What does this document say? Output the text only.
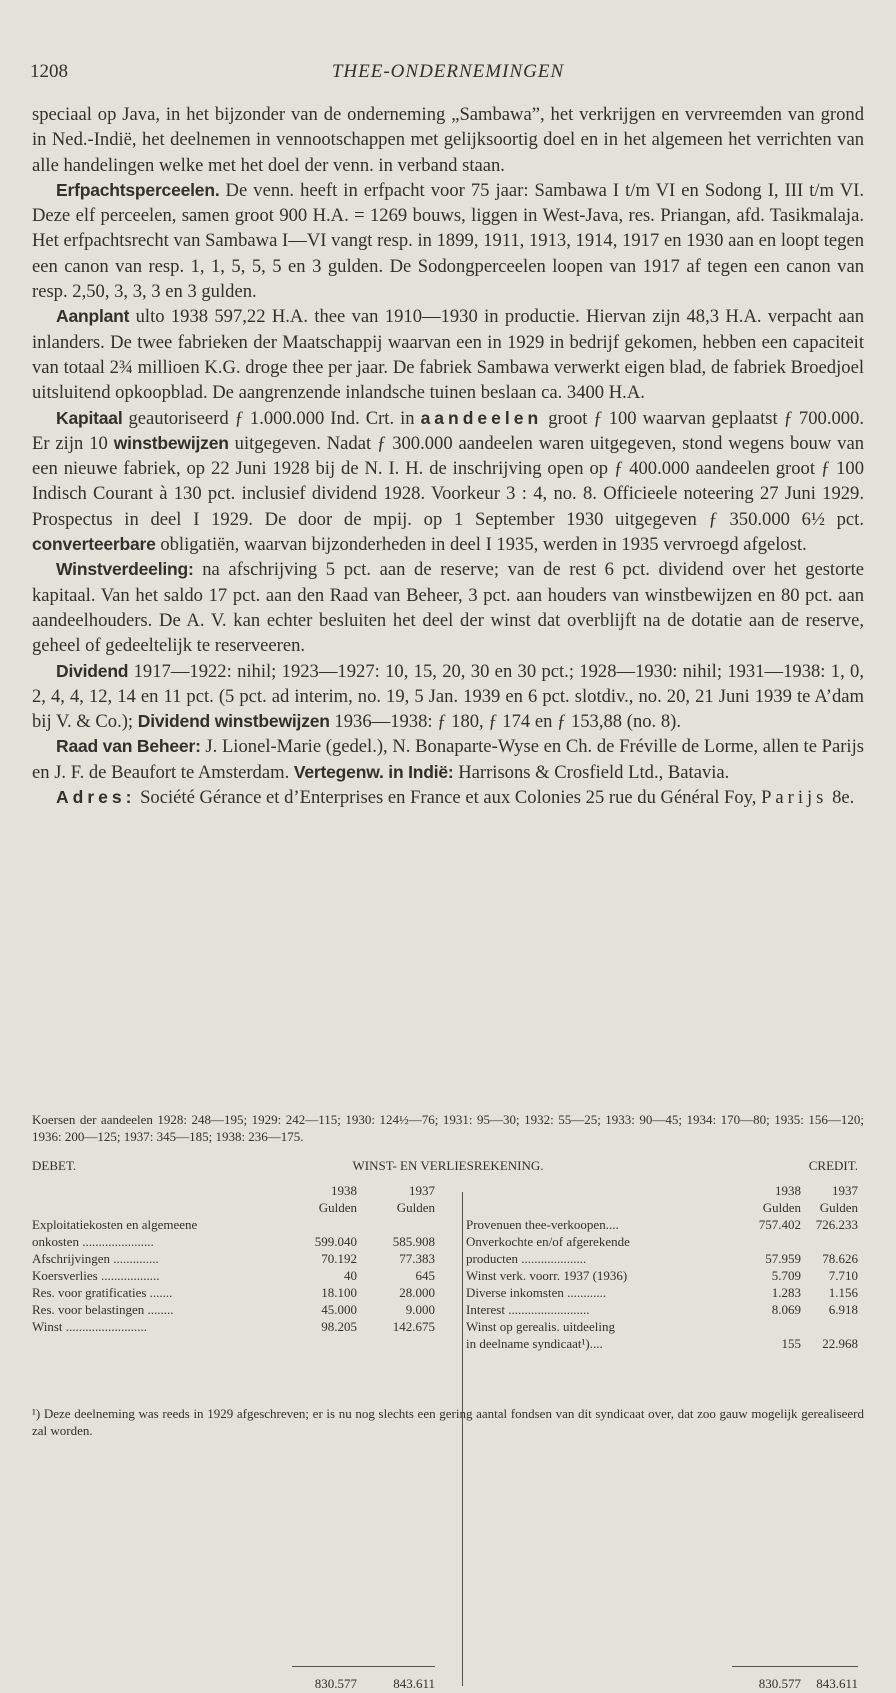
1208	THEE-ONDERNEMINGEN

speciaal op Java, in het bijzonder van de onderneming „Sambawa”, het verkrijgen en vervreemden van grond in Ned.-Indië, het deelnemen in vennootschappen met gelijksoortig doel en in het algemeen het verrichten van alle handelingen welke met het doel der venn. in verband staan.

Erfpachtsperceelen. De venn. heeft in erfpacht voor 75 jaar: Sambawa I t/m VI en Sodong I, III t/m VI. Deze elf perceelen, samen groot 900 H.A. = 1269 bouws, liggen in West-Java, res. Priangan, afd. Tasikmalaja. Het erfpachtsrecht van Sambawa I—VI vangt resp. in 1899, 1911, 1913, 1914, 1917 en 1930 aan en loopt tegen een canon van resp. 1, 1, 5, 5, 5 en 3 gulden. De Sodongperceelen loopen van 1917 af tegen een canon van resp. 2,50, 3, 3, 3 en 3 gulden.

Aanplant ulto 1938 597,22 H.A. thee van 1910—1930 in productie. Hiervan zijn 48,3 H.A. verpacht aan inlanders. De twee fabrieken der Maatschappij waarvan een in 1929 in bedrijf gekomen, hebben een capaciteit van totaal 2¾ millioen K.G. droge thee per jaar. De fabriek Sambawa verwerkt eigen blad, de fabriek Broedjoel uitsluitend opkoopblad. De aangrenzende inlandsche tuinen beslaan ca. 3400 H.A.

Kapitaal geautoriseerd ƒ 1.000.000 Ind. Crt. in aandeelen groot ƒ 100 waarvan geplaatst ƒ 700.000. Er zijn 10 winstbewijzen uitgegeven. Nadat ƒ 300.000 aandeelen waren uitgegeven, stond wegens bouw van een nieuwe fabriek, op 22 Juni 1928 bij de N. I. H. de inschrijving open op ƒ 400.000 aandeelen groot ƒ 100 Indisch Courant à 130 pct. inclusief dividend 1928. Voorkeur 3 : 4, no. 8. Officieele noteering 27 Juni 1929. Prospectus in deel I 1929. De door de mpij. op 1 September 1930 uitgegeven ƒ 350.000 6½ pct. converteerbare obligatiën, waarvan bijzonderheden in deel I 1935, werden in 1935 vervroegd afgelost.

Winstverdeeling: na afschrijving 5 pct. aan de reserve; van de rest 6 pct. dividend over het gestorte kapitaal. Van het saldo 17 pct. aan den Raad van Beheer, 3 pct. aan houders van winstbewijzen en 80 pct. aan aandeelhouders. De A. V. kan echter besluiten het deel der winst dat overblijft na de dotatie aan de reserve, geheel of gedeeltelijk te reserveeren.

Dividend 1917—1922: nihil; 1923—1927: 10, 15, 20, 30 en 30 pct.; 1928—1930: nihil; 1931—1938: 1, 0, 2, 4, 4, 12, 14 en 11 pct. (5 pct. ad interim, no. 19, 5 Jan. 1939 en 6 pct. slotdiv., no. 20, 21 Juni 1939 te A’dam bij V. & Co.); Dividend winstbewijzen 1936—1938: ƒ 180, ƒ 174 en ƒ 153,88 (no. 8).

Raad van Beheer: J. Lionel-Marie (gedel.), N. Bonaparte-Wyse en Ch. de Fréville de Lorme, allen te Parijs en J. F. de Beaufort te Amsterdam. Vertegenw. in Indië: Harrisons & Crosfield Ltd., Batavia.

Adres: Société Gérance et d’Enterprises en France et aux Colonies 25 rue du Général Foy, Parijs 8e.

Koersen der aandeelen 1928: 248—195; 1929: 242—115; 1930: 124½—76; 1931: 95—30; 1932: 55—25; 1933: 90—45; 1934: 170—80; 1935: 156—120; 1936: 200—125; 1937: 345—185; 1938: 236—175.

DEBET.	WINST- EN VERLIESREKENING.	CREDIT.
1938	1937	1938	1937
Gulden	Gulden	Gulden	Gulden
Exploitatiekosten en algemeene
onkosten ......................	599.040	585.908
Afschrijvingen ..............	70.192	77.383
Koersverlies ..................	40	645
Res. voor gratificaties .......	18.100	28.000
Res. voor belastingen ........	45.000	9.000
Winst .........................	98.205	142.675
Provenuen thee-verkoopen....	757.402	726.233
Onverkochte en/of afgerekende
producten ....................	57.959	78.626
Winst verk. voorr. 1937 (1936)	5.709	7.710
Diverse inkomsten ............	1.283	1.156
Interest .........................	8.069	6.918
Winst op gerealis. uitdeeling
in deelname syndicaat¹)....	155	22.968
830.577	843.611	830.577	843.611

¹) Deze deelneming was reeds in 1929 afgeschreven; er is nu nog slechts een gering aantal fondsen van dit syndicaat over, dat zoo gauw mogelijk gerealiseerd zal worden.
